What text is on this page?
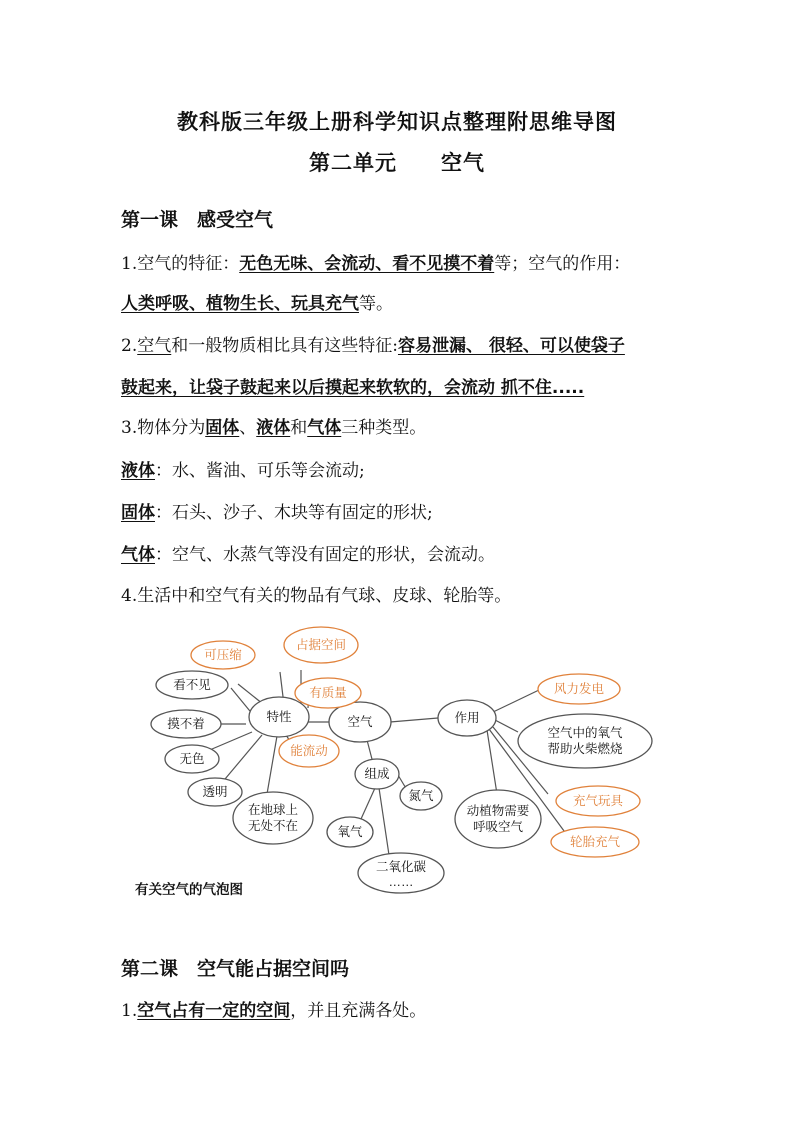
教科版三年级上册科学知识点整理附思维导图
第二单元　　空气
第一课　感受空气
1.空气的特征：无色无味、会流动、看不见摸不着等；空气的作用：
人类呼吸、植物生长、玩具充气等。
2.空气和一般物质相比具有这些特征:容易泄漏、 很轻、可以使袋子
鼓起来，让袋子鼓起来以后摸起来软软的，会流动 抓不住.....
3.物体分为固体、液体和气体三种类型。
液体：水、酱油、可乐等会流动;
固体：石头、沙子、木块等有固定的形状;
气体：空气、水蒸气等没有固定的形状，会流动。
4.生活中和空气有关的物品有气球、皮球、轮胎等。
可压缩
占据空间
有质量
能流动
风力发电
充气玩具
轮胎充气
看不见
摸不着
无色
透明
特性	空气
在地球上
无处不在
组成
氮气
氧气
二氧化碳
……
作用
空气中的氧气
帮助火柴燃烧
动植物需要
呼吸空气
有关空气的气泡图
第二课　空气能占据空间吗
1.空气占有一定的空间，并且充满各处。
